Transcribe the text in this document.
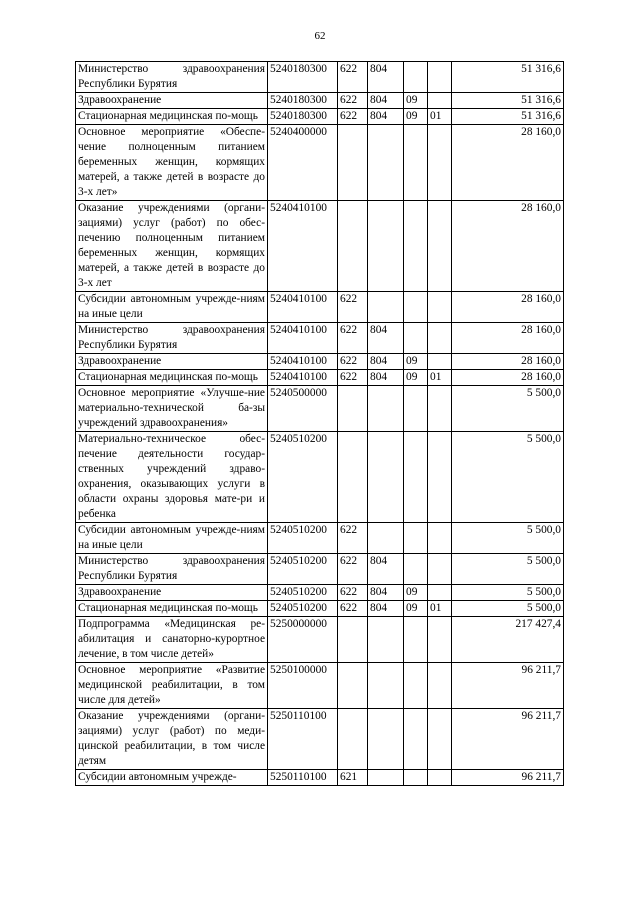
62
Министерство здравоохранения Республики Бурятия	5240180300	622	804			51 316,6
Здравоохранение	5240180300	622	804	09		51 316,6
Стационарная медицинская по-мощь	5240180300	622	804	09	01	51 316,6
Основное мероприятие «Обеспе-чение полноценным питанием беременных женщин, кормящих матерей, а также детей в возрасте до 3-х лет»	5240400000					28 160,0
Оказание учреждениями (органи-зациями) услуг (работ) по обес-печению полноценным питанием беременных женщин, кормящих матерей, а также детей в возрасте до 3-х лет	5240410100					28 160,0
Субсидии автономным учрежде-ниям на иные цели	5240410100	622				28 160,0
Министерство здравоохранения Республики Бурятия	5240410100	622	804			28 160,0
Здравоохранение	5240410100	622	804	09		28 160,0
Стационарная медицинская по-мощь	5240410100	622	804	09	01	28 160,0
Основное мероприятие «Улучше-ние материально-технической ба-зы учреждений здравоохранения»	5240500000					5 500,0
Материально-техническое обес-печение деятельности государ-ственных учреждений здраво-охранения, оказывающих услуги в области охраны здоровья мате-ри и ребенка	5240510200					5 500,0
Субсидии автономным учрежде-ниям на иные цели	5240510200	622				5 500,0
Министерство здравоохранения Республики Бурятия	5240510200	622	804			5 500,0
Здравоохранение	5240510200	622	804	09		5 500,0
Стационарная медицинская по-мощь	5240510200	622	804	09	01	5 500,0
Подпрограмма «Медицинская ре-абилитация и санаторно-курортное лечение, в том числе детей»	5250000000					217 427,4
Основное мероприятие «Развитие медицинской реабилитации, в том числе для детей»	5250100000					96 211,7
Оказание учреждениями (органи-зациями) услуг (работ) по меди-цинской реабилитации, в том числе детям	5250110100					96 211,7
Субсидии автономным учрежде-	5250110100	621				96 211,7
